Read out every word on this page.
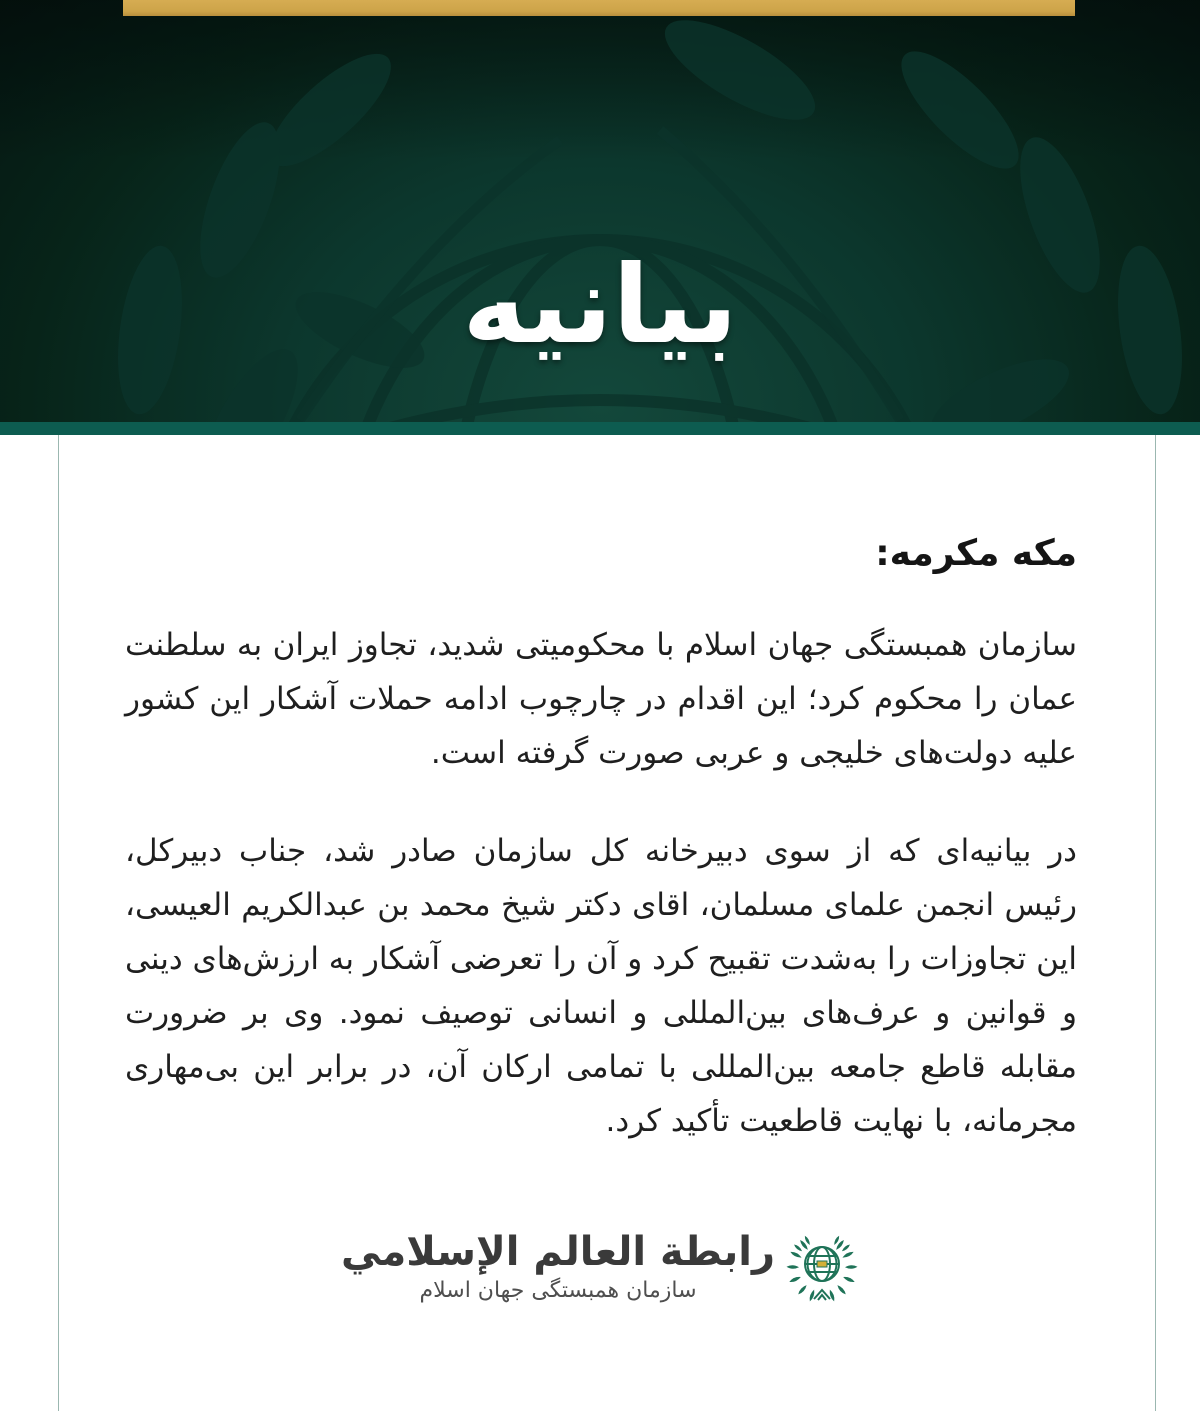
بیانیه
مکه مکرمه:

سازمان همبستگی جهان اسلام با محکومیتی شدید، تجاوز ایران به سلطنت عمان را محکوم کرد؛ این اقدام در چارچوب ادامه حملات آشکار این کشور علیه دولت‌های خلیجی و عربی صورت گرفته است.

در بیانیه‌ای که از سوی دبیرخانه کل سازمان صادر شد، جناب دبیرکل، رئیس انجمن علمای مسلمان، اقای دکتر شیخ محمد بن عبدالکریم العیسی، این تجاوزات را به‌شدت تقبیح کرد و آن را تعرضی آشکار به ارزش‌های دینی و قوانین و عرف‌های بین‌المللی و انسانی توصیف نمود. وی بر ضرورت مقابله قاطع جامعه بین‌المللی با تمامی ارکان آن، در برابر این بی‌مهاری مجرمانه، با نهایت قاطعیت تأکید کرد.

رابطة العالم الإسلامي
سازمان همبستگی جهان اسلام
